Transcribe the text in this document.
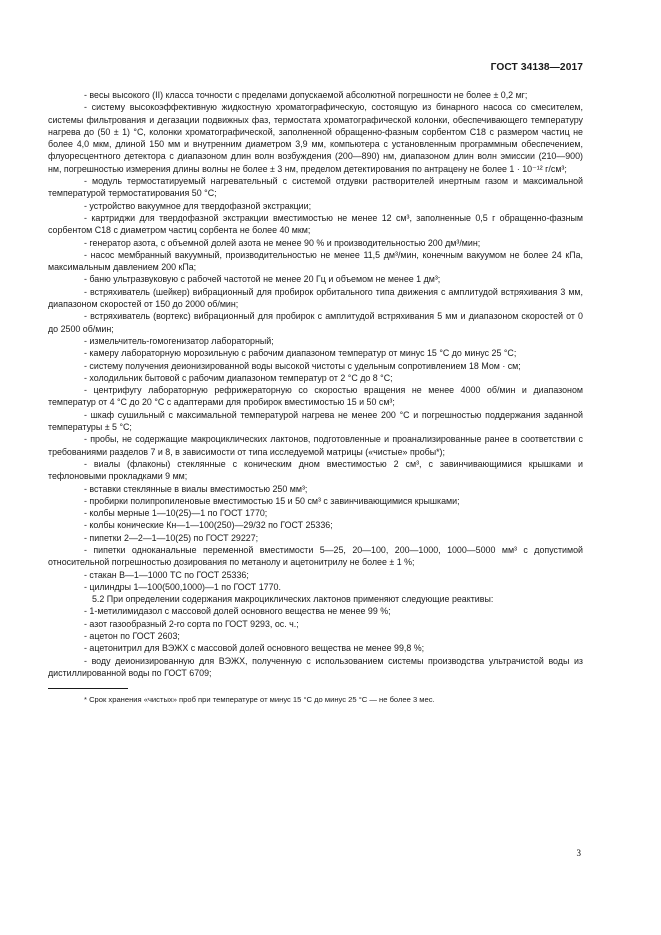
ГОСТ 34138—2017

- весы высокого (II) класса точности с пределами допускаемой абсолютной погрешности не более ± 0,2 мг;

- систему высокоэффективную жидкостную хроматографическую, состоящую из бинарного насоса со смесителем, системы фильтрования и дегазации подвижных фаз, термостата хроматографической колонки, обеспечивающего температуру нагрева до (50 ± 1) °С, колонки хроматографической, заполненной обращенно-фазным сорбентом С18 с размером частиц не более 4,0 мкм, длиной 150 мм и внутренним диаметром 3,9 мм, компьютера с установленным программным обеспечением, флуоресцентного детектора с диапазоном длин волн возбуждения (200—890) нм, диапазоном длин волн эмиссии (210—900) нм, погрешностью измерения длины волны не более ± 3 нм, пределом детектирования по антрацену не более 1 · 10⁻¹² г/см³;

- модуль термостатируемый нагревательный с системой отдувки растворителей инертным газом и максимальной температурой термостатирования 50 °С;

- устройство вакуумное для твердофазной экстракции;

- картриджи для твердофазной экстракции вместимостью не менее 12 см³, заполненные 0,5 г обращенно-фазным сорбентом С18 с диаметром частиц сорбента не более 40 мкм;

- генератор азота, с объемной долей азота не менее 90 % и производительностью 200 дм³/мин;

- насос мембранный вакуумный, производительностью не менее 11,5 дм³/мин, конечным вакуумом не более 24 кПа, максимальным давлением 200 кПа;

- баню ультразвуковую с рабочей частотой не менее 20 Гц и объемом не менее 1 дм³;

- встряхиватель (шейкер) вибрационный для пробирок орбитального типа движения с амплитудой встряхивания 3 мм, диапазоном скоростей от 150 до 2000 об/мин;

- встряхиватель (вортекс) вибрационный для пробирок с амплитудой встряхивания 5 мм и диапазоном скоростей от 0 до 2500 об/мин;

- измельчитель-гомогенизатор лабораторный;

- камеру лабораторную морозильную с рабочим диапазоном температур от минус 15 °С до минус 25 °С;

- систему получения деионизированной воды высокой чистоты с удельным сопротивлением 18 Мом · см;

- холодильник бытовой с рабочим диапазоном температур от 2 °С до 8 °С;

- центрифугу лабораторную рефрижераторную со скоростью вращения не менее 4000 об/мин и диапазоном температур от 4 °С до 20 °С с адаптерами для пробирок вместимостью 15 и 50 см³;

- шкаф сушильный с максимальной температурой нагрева не менее 200 °С и погрешностью поддержания заданной температуры ± 5 °С;

- пробы, не содержащие макроциклических лактонов, подготовленные и проанализированные ранее в соответствии с требованиями разделов 7 и 8, в зависимости от типа исследуемой матрицы («чистые» пробы*);

- виалы (флаконы) стеклянные с коническим дном вместимостью 2 см³, с завинчивающимися крышками и тефлоновыми прокладками 9 мм;

- вставки стеклянные в виалы вместимостью 250 мм³;

- пробирки полипропиленовые вместимостью 15 и 50 см³ с завинчивающимися крышками;

- колбы мерные 1—10(25)—1 по ГОСТ 1770;

- колбы конические Кн—1—100(250)—29/32 по ГОСТ 25336;

- пипетки 2—2—1—10(25) по ГОСТ 29227;

- пипетки одноканальные переменной вместимости 5—25, 20—100, 200—1000, 1000—5000 мм³ с допустимой относительной погрешностью дозирования по метанолу и ацетонитрилу не более ± 1 %;

- стакан В—1—1000 ТС по ГОСТ 25336;

- цилиндры 1—100(500,1000)—1 по ГОСТ 1770.

5.2 При определении содержания макроциклических лактонов применяют следующие реактивы:

- 1-метилимидазол с массовой долей основного вещества не менее 99 %;

- азот газообразный 2-го сорта по ГОСТ 9293, ос. ч.;

- ацетон по ГОСТ 2603;

- ацетонитрил для ВЭЖХ с массовой долей основного вещества не менее 99,8 %;

- воду деионизированную для ВЭЖХ, полученную с использованием системы производства ультрачистой воды из дистиллированной воды по ГОСТ 6709;

* Срок хранения «чистых» проб при температуре от минус 15 °С до минус 25 °С — не более 3 мес.
3
